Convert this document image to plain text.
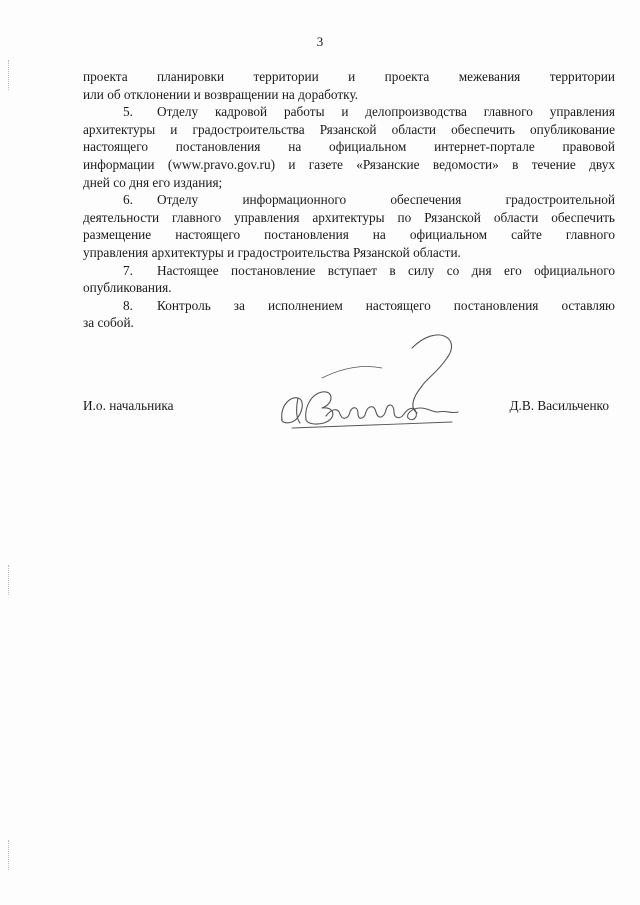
3

проекта планировки территории и проекта межевания территории
или об отклонении и возвращении на доработку.

5. Отделу кадровой работы и делопроизводства главного управления
архитектуры и градостроительства Рязанской области обеспечить опубликование
настоящего постановления на официальном интернет-портале правовой
информации (www.pravo.gov.ru) и газете «Рязанские ведомости» в течение двух
дней со дня его издания;

6. Отделу информационного обеспечения градостроительной
деятельности главного управления архитектуры по Рязанской области обеспечить
размещение настоящего постановления на официальном сайте главного
управления архитектуры и градостроительства Рязанской области.

7. Настоящее постановление вступает в силу со дня его официального
опубликования.

8. Контроль за исполнением настоящего постановления оставляю
за собой.

И.о. начальника	Д.В. Васильченко
